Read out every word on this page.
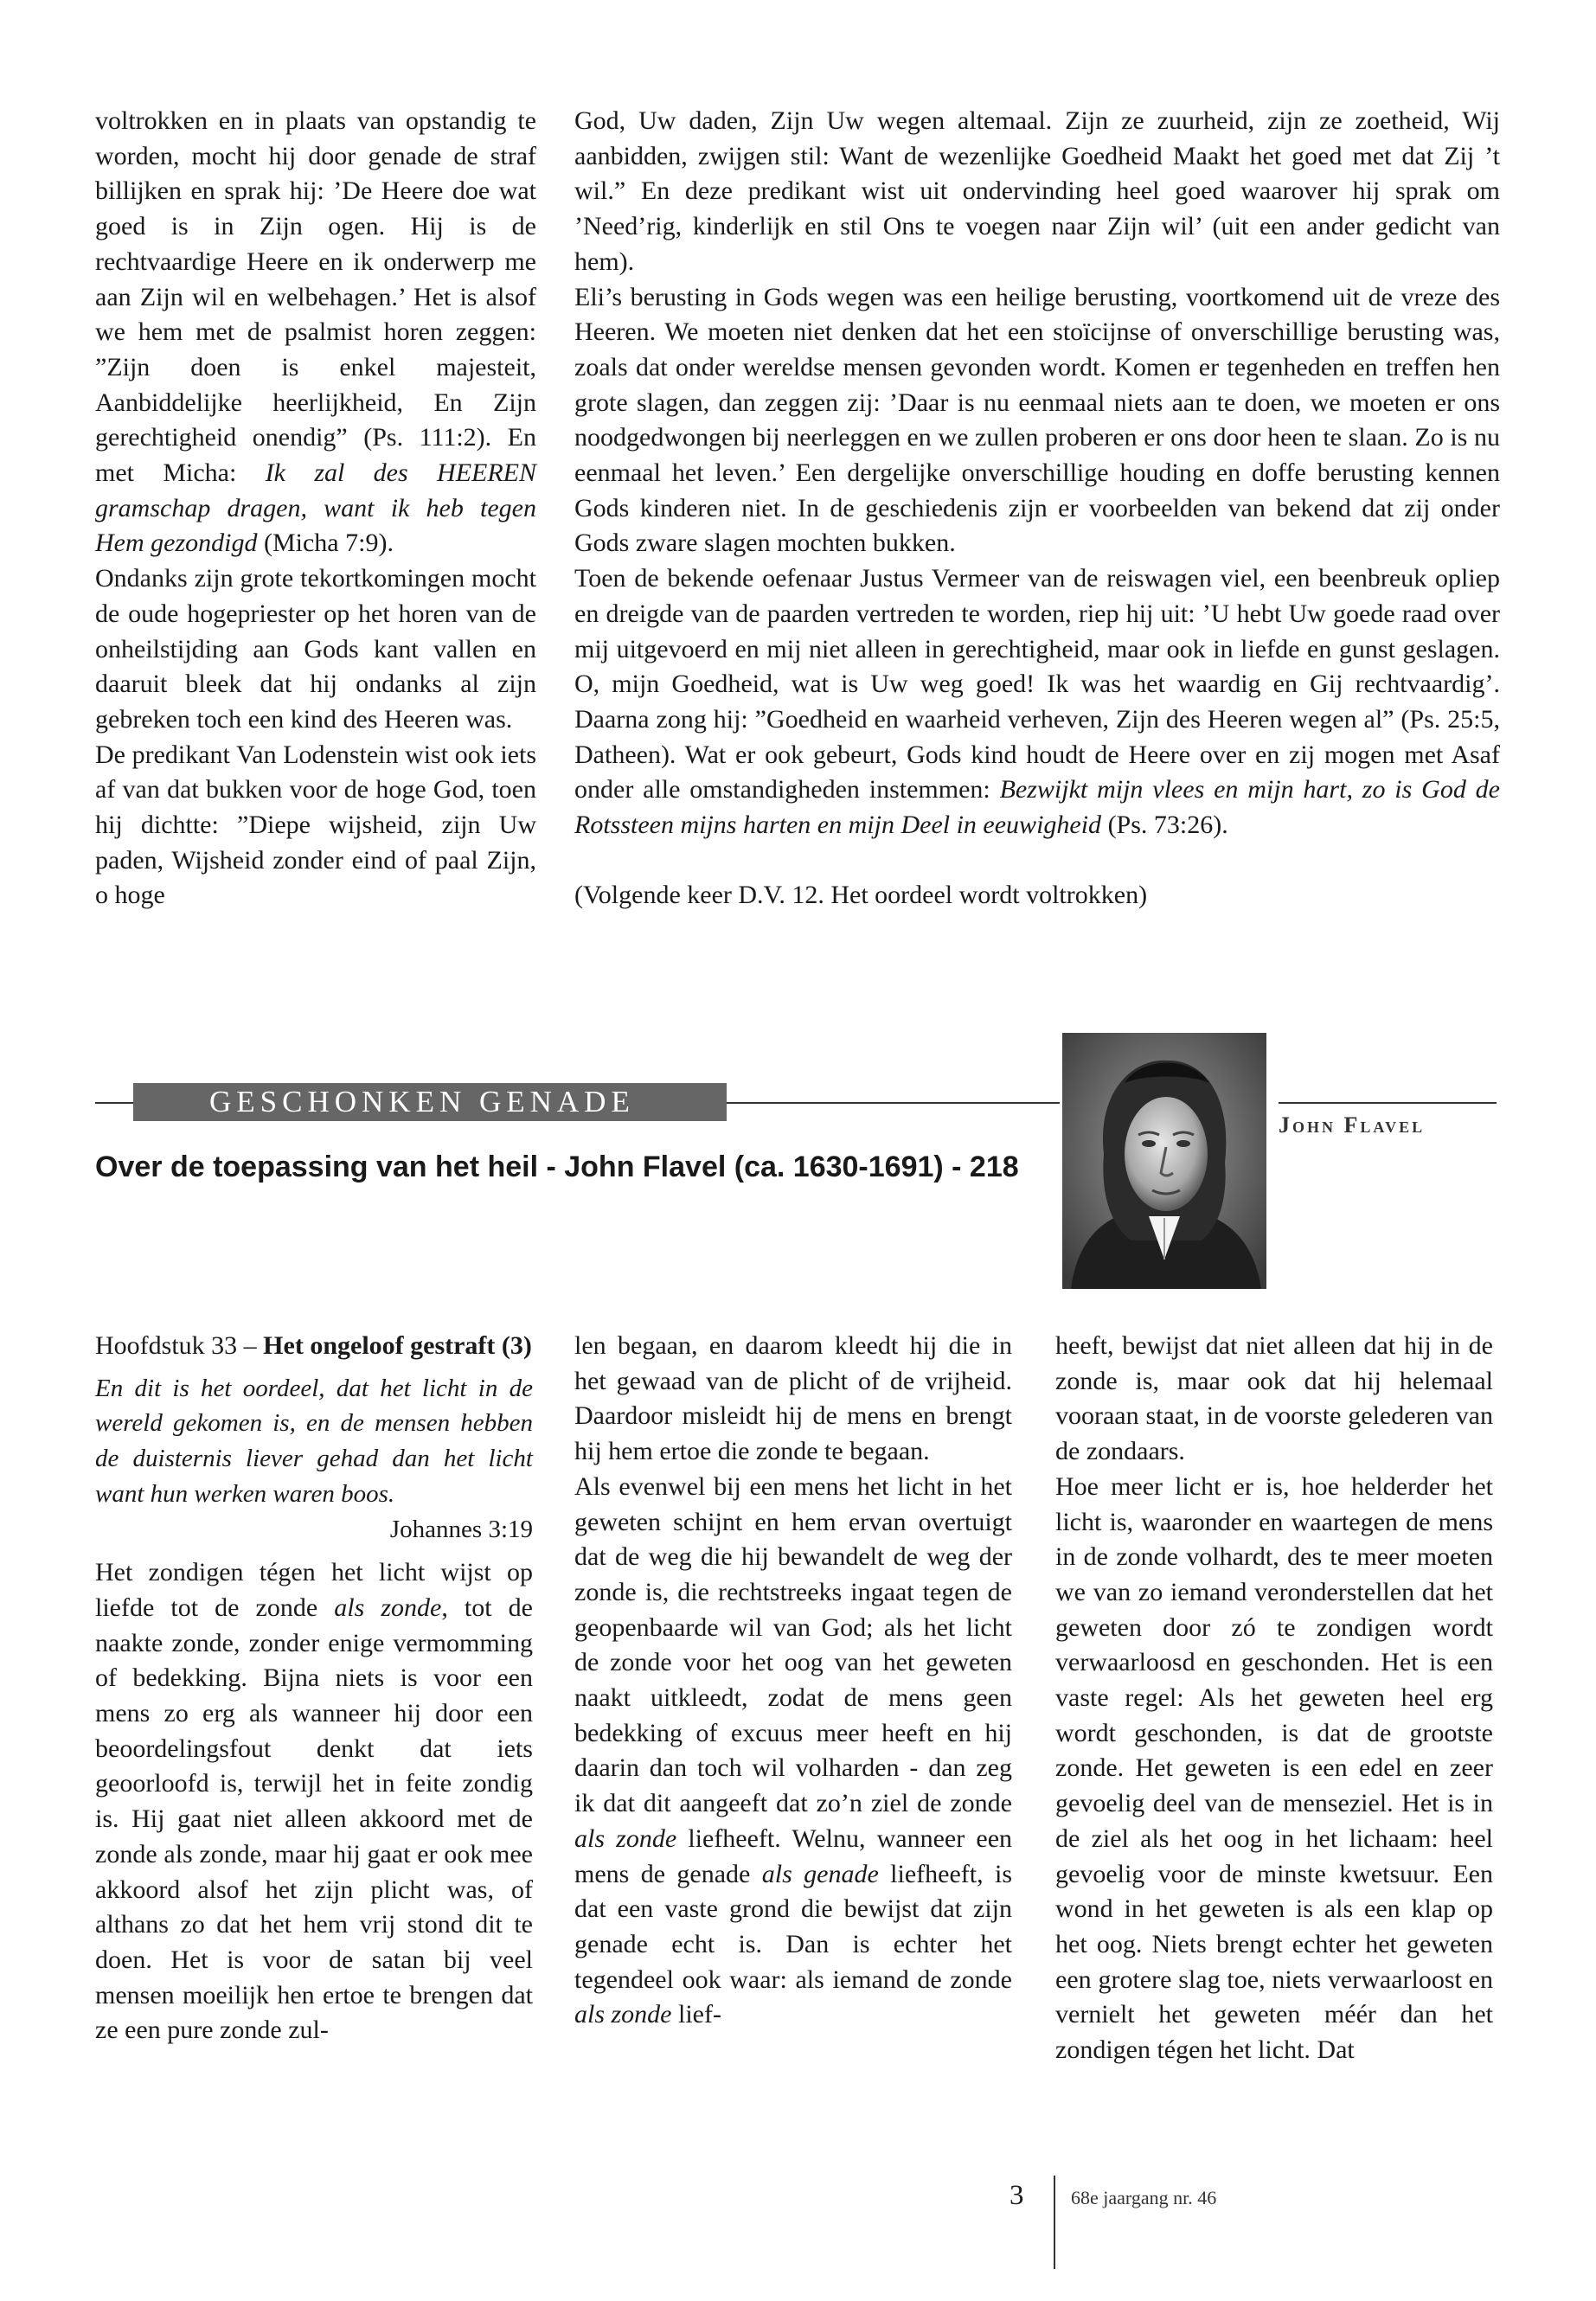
voltrokken en in plaats van opstandig te worden, mocht hij door genade de straf billijken en sprak hij: ’De Heere doe wat goed is in Zijn ogen. Hij is de rechtvaardige Heere en ik onderwerp me aan Zijn wil en welbehagen.’ Het is alsof we hem met de psalmist horen zeggen: ”Zijn doen is enkel majesteit, Aanbiddelijke heerlijkheid, En Zijn gerechtigheid onendig” (Ps. 111:2). En met Micha: Ik zal des HEEREN gramschap dragen, want ik heb tegen Hem gezondigd (Micha 7:9).

Ondanks zijn grote tekortkomingen mocht de oude hogepriester op het horen van de onheilstijding aan Gods kant vallen en daaruit bleek dat hij ondanks al zijn gebreken toch een kind des Heeren was.

De predikant Van Lodenstein wist ook iets af van dat bukken voor de hoge God, toen hij dichtte: ”Diepe wijsheid, zijn Uw paden, Wijsheid zonder eind of paal Zijn, o hoge

God, Uw daden, Zijn Uw wegen altemaal. Zijn ze zuurheid, zijn ze zoetheid, Wij aanbidden, zwijgen stil: Want de wezenlijke Goedheid Maakt het goed met dat Zij ’t wil.” En deze predikant wist uit ondervinding heel goed waarover hij sprak om ’Need’rig, kinderlijk en stil Ons te voegen naar Zijn wil’ (uit een ander gedicht van hem).

Eli’s berusting in Gods wegen was een heilige berusting, voortkomend uit de vreze des Heeren. We moeten niet denken dat het een stoïcijnse of onverschillige berusting was, zoals dat onder wereldse mensen gevonden wordt. Komen er tegenheden en treffen hen grote slagen, dan zeggen zij: ’Daar is nu eenmaal niets aan te doen, we moeten er ons noodgedwongen bij neerleggen en we zullen proberen er ons door heen te slaan. Zo is nu eenmaal het leven.’ Een dergelijke onverschillige houding en doffe berusting kennen Gods kinderen niet. In de geschiedenis zijn er voorbeelden van bekend dat zij onder Gods zware slagen mochten bukken.

Toen de bekende oefenaar Justus Vermeer van de reiswagen viel, een beenbreuk opliep en dreigde van de paarden vertreden te worden, riep hij uit: ’U hebt Uw goede raad over mij uitgevoerd en mij niet alleen in gerechtigheid, maar ook in liefde en gunst geslagen. O, mijn Goedheid, wat is Uw weg goed! Ik was het waardig en Gij rechtvaardig’. Daarna zong hij: ”Goedheid en waarheid verheven, Zijn des Heeren wegen al” (Ps. 25:5, Datheen). Wat er ook gebeurt, Gods kind houdt de Heere over en zij mogen met Asaf onder alle omstandigheden instemmen: Bezwijkt mijn vlees en mijn hart, zo is God de Rotssteen mijns harten en mijn Deel in eeuwigheid (Ps. 73:26).

(Volgende keer D.V. 12. Het oordeel wordt voltrokken)

GESCHONKEN GENADE
John Flavel
Over de toepassing van het heil - John Flavel (ca. 1630-1691) - 218

Hoofdstuk 33 – Het ongeloof gestraft (3)

En dit is het oordeel, dat het licht in de wereld gekomen is, en de mensen hebben de duisternis liever gehad dan het licht want hun werken waren boos.

Johannes 3:19

Het zondigen tégen het licht wijst op liefde tot de zonde als zonde, tot de naakte zonde, zonder enige vermomming of bedekking. Bijna niets is voor een mens zo erg als wanneer hij door een beoordelingsfout denkt dat iets geoorloofd is, terwijl het in feite zondig is. Hij gaat niet alleen akkoord met de zonde als zonde, maar hij gaat er ook mee akkoord alsof het zijn plicht was, of althans zo dat het hem vrij stond dit te doen. Het is voor de satan bij veel mensen moeilijk hen ertoe te brengen dat ze een pure zonde zul-

len begaan, en daarom kleedt hij die in het gewaad van de plicht of de vrijheid. Daardoor misleidt hij de mens en brengt hij hem ertoe die zonde te begaan.

Als evenwel bij een mens het licht in het geweten schijnt en hem ervan overtuigt dat de weg die hij bewandelt de weg der zonde is, die rechtstreeks ingaat tegen de geopenbaarde wil van God; als het licht de zonde voor het oog van het geweten naakt uitkleedt, zodat de mens geen bedekking of excuus meer heeft en hij daarin dan toch wil volharden - dan zeg ik dat dit aangeeft dat zo’n ziel de zonde als zonde liefheeft. Welnu, wanneer een mens de genade als genade liefheeft, is dat een vaste grond die bewijst dat zijn genade echt is. Dan is echter het tegendeel ook waar: als iemand de zonde als zonde lief-

heeft, bewijst dat niet alleen dat hij in de zonde is, maar ook dat hij helemaal vooraan staat, in de voorste gelederen van de zondaars.

Hoe meer licht er is, hoe helderder het licht is, waaronder en waartegen de mens in de zonde volhardt, des te meer moeten we van zo iemand veronderstellen dat het geweten door zó te zondigen wordt verwaarloosd en geschonden. Het is een vaste regel: Als het geweten heel erg wordt geschonden, is dat de grootste zonde. Het geweten is een edel en zeer gevoelig deel van de menseziel. Het is in de ziel als het oog in het lichaam: heel gevoelig voor de minste kwetsuur. Een wond in het geweten is als een klap op het oog. Niets brengt echter het geweten een grotere slag toe, niets verwaarloost en vernielt het geweten méér dan het zondigen tégen het licht. Dat

3 68e jaargang nr. 46
